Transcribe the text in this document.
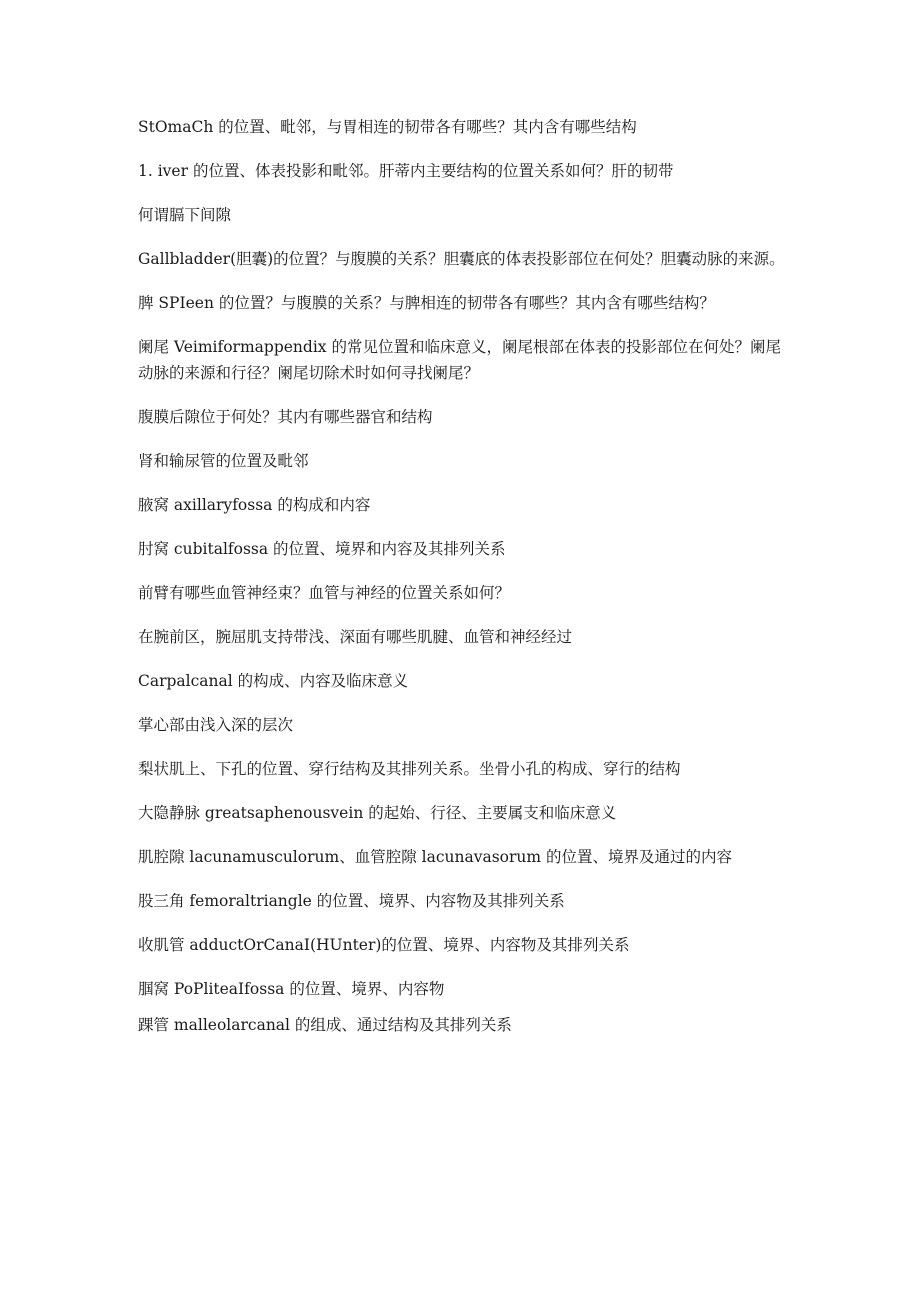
StOmaCh 的位置、毗邻，与胃相连的韧带各有哪些？其内含有哪些结构

1. iver 的位置、体表投影和毗邻。肝蒂内主要结构的位置关系如何？肝的韧带

何谓膈下间隙

Gallbladder(胆囊)的位置？与腹膜的关系？胆囊底的体表投影部位在何处？胆囊动脉的来源。

脾 SPIeen 的位置？与腹膜的关系？与脾相连的韧带各有哪些？其内含有哪些结构？

阑尾 Veimiformappendix 的常见位置和临床意义，阑尾根部在体表的投影部位在何处？阑尾动脉的来源和行径？阑尾切除术时如何寻找阑尾？

腹膜后隙位于何处？其内有哪些器官和结构

肾和输尿管的位置及毗邻

腋窝 axillaryfossa 的构成和内容

肘窝 cubitalfossa 的位置、境界和内容及其排列关系

前臂有哪些血管神经束？血管与神经的位置关系如何？

在腕前区，腕屈肌支持带浅、深面有哪些肌腱、血管和神经经过

Carpalcanal 的构成、内容及临床意义

掌心部由浅入深的层次

梨状肌上、下孔的位置、穿行结构及其排列关系。坐骨小孔的构成、穿行的结构

大隐静脉 greatsaphenousvein 的起始、行径、主要属支和临床意义

肌腔隙 lacunamusculorum、血管腔隙 lacunavasorum 的位置、境界及通过的内容

股三角 femoraltriangle 的位置、境界、内容物及其排列关系

收肌管 adductOrCanaI(HUnter)的位置、境界、内容物及其排列关系

腘窝 PoPliteaIfossa 的位置、境界、内容物

踝管 malleolarcanal 的组成、通过结构及其排列关系
